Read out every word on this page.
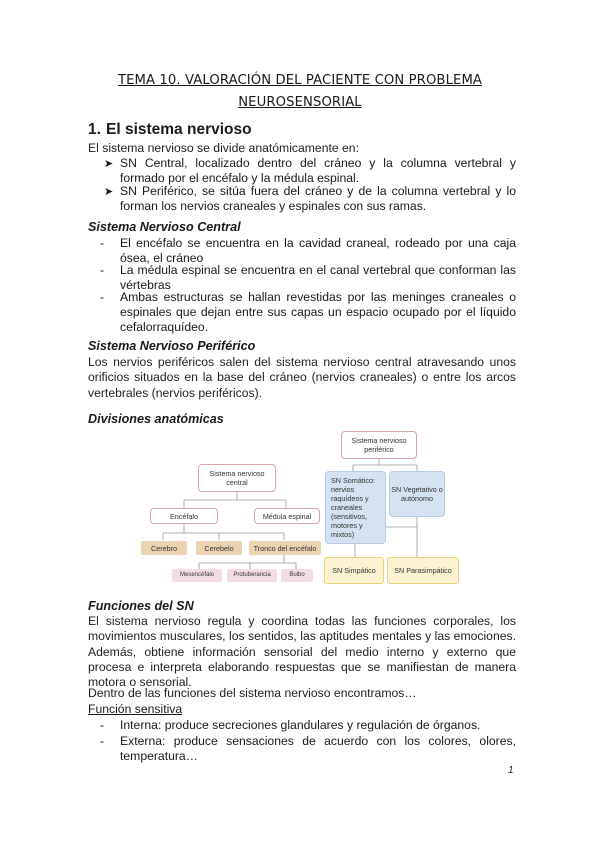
TEMA 10. VALORACIÓN DEL PACIENTE CON PROBLEMA
NEUROSENSORIAL
1. El sistema nervioso
El sistema nervioso se divide anatómicamente en:
➤ SN Central, localizado dentro del cráneo y la columna vertebral y formado por el encéfalo y la médula espinal.
➤ SN Periférico, se sitúa fuera del cráneo y de la columna vertebral y lo forman los nervios craneales y espinales con sus ramas.
Sistema Nervioso Central
- El encéfalo se encuentra en la cavidad craneal, rodeado por una caja ósea, el cráneo
- La médula espinal se encuentra en el canal vertebral que conforman las vértebras
- Ambas estructuras se hallan revestidas por las meninges craneales o espinales que dejan entre sus capas un espacio ocupado por el líquido cefalorraquídeo.
Sistema Nervioso Periférico
Los nervios periféricos salen del sistema nervioso central atravesando unos orificios situados en la base del cráneo (nervios craneales) o entre los arcos vertebrales (nervios periféricos).
Divisiones anatómicas
Sistema nervioso central
Encéfalo	Médula espinal
Cerebro	Cerebelo	Tronco del encéfalo
Mesencéfalo	Protuberancia	Bulbo
Sistema nervioso periférico
SN Somático: nervios raquídeos y craneales (sensitivos, motores y mixtos)
SN Vegetativo o autónomo
SN Simpático	SN Parasimpático
Funciones del SN
El sistema nervioso regula y coordina todas las funciones corporales, los movimientos musculares, los sentidos, las aptitudes mentales y las emociones. Además, obtiene información sensorial del medio interno y externo que procesa e interpreta elaborando respuestas que se manifiestan de manera motora o sensorial.
Dentro de las funciones del sistema nervioso encontramos…
Función sensitiva
- Interna: produce secreciones glandulares y regulación de órganos.
- Externa: produce sensaciones de acuerdo con los colores, olores, temperatura…
1
